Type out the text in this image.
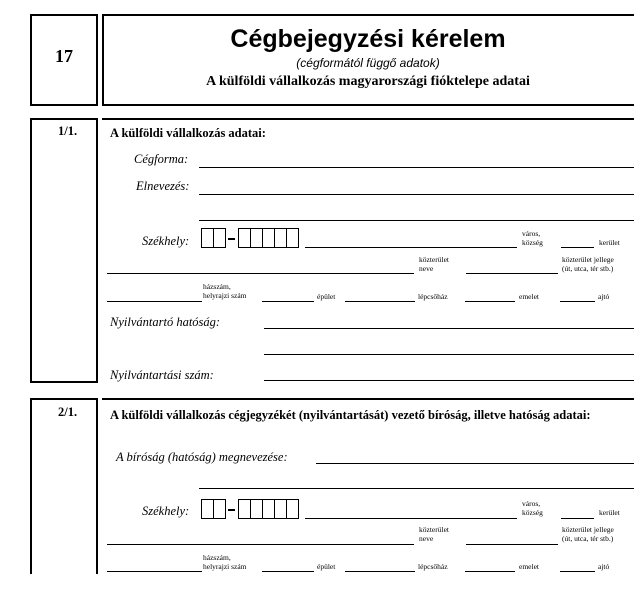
17
Cégbejegyzési kérelem
(cégformától függő adatok)
A külföldi vállalkozás magyarországi fióktelepe adatai
1/1.	A külföldi vállalkozás adatai:
Cégforma:
Elnevezés:
Székhely:
város,
község	kerület
közterület
neve
közterület jellege
(út, utca, tér stb.)
házszám,
helyrajzi szám	épület	lépcsőház	emelet	ajtó
Nyilvántartó hatóság:
Nyilvántartási szám:
2/1.	A külföldi vállalkozás cégjegyzékét (nyilvántartását) vezető bíróság, illetve hatóság adatai:
A bíróság (hatóság) megnevezése:
Székhely:
város,
község	kerület
közterület
neve
közterület jellege
(út, utca, tér stb.)
házszám,
helyrajzi szám	épület	lépcsőház	emelet	ajtó
